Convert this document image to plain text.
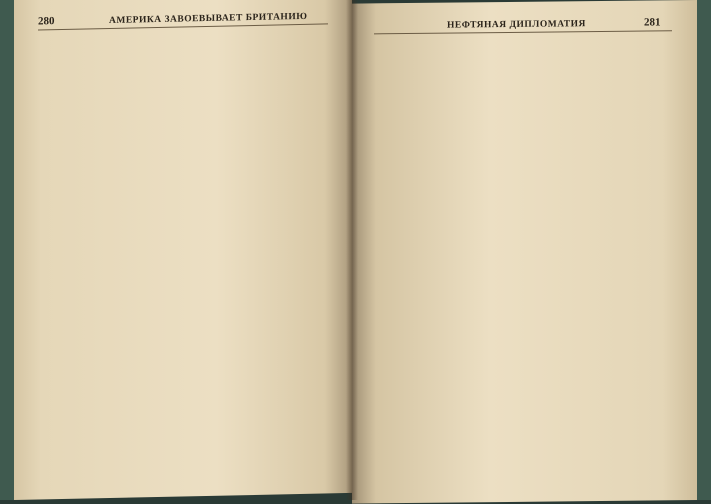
280	АМЕРИКА ЗАВОЕВЫВАЕТ БРИТАНИЮ	НЕФТЯНАЯ ДИПЛОМАТИЯ	281
